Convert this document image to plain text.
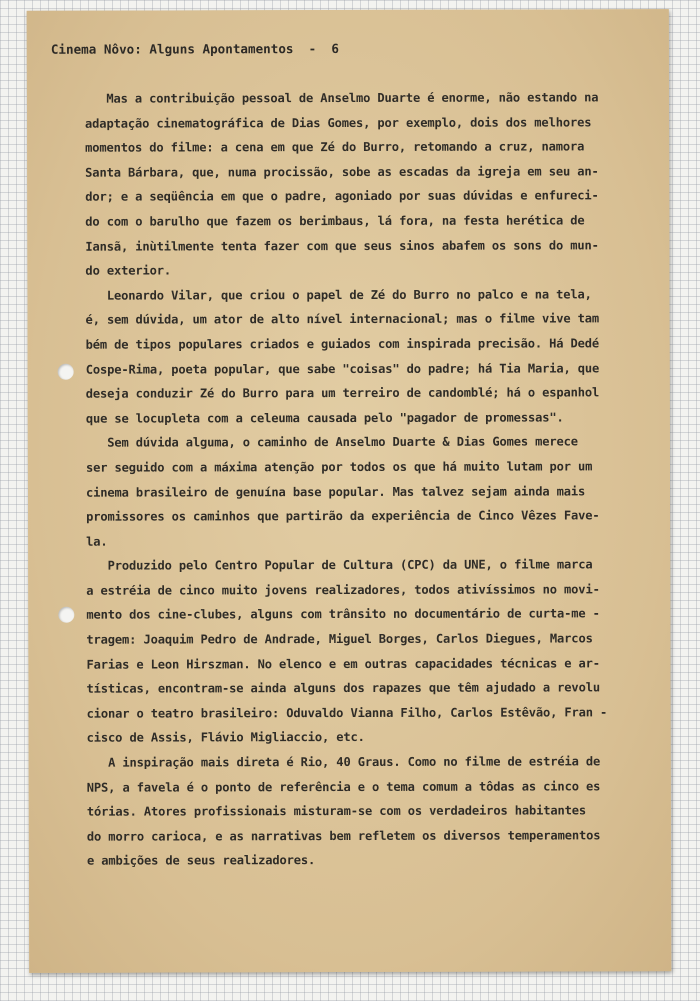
Cinema Nôvo: Alguns Apontamentos  -  6
Mas a contribuição pessoal de Anselmo Duarte é enorme, não estando na
adaptação cinematográfica de Dias Gomes, por exemplo, dois dos melhores
momentos do filme: a cena em que Zé do Burro, retomando a cruz, namora
Santa Bárbara, que, numa procissão, sobe as escadas da igreja em seu an-
dor; e a seqüência em que o padre, agoniado por suas dúvidas e enfureci-
do com o barulho que fazem os berimbaus, lá fora, na festa herética de
Iansã, inùtilmente tenta fazer com que seus sinos abafem os sons do mun-
do exterior.
Leonardo Vilar, que criou o papel de Zé do Burro no palco e na tela,
é, sem dúvida, um ator de alto nível internacional; mas o filme vive tam
bém de tipos populares criados e guiados com inspirada precisão. Há Dedé
Cospe-Rima, poeta popular, que sabe "coisas" do padre; há Tia Maria, que
deseja conduzir Zé do Burro para um terreiro de candomblé; há o espanhol
que se locupleta com a celeuma causada pelo "pagador de promessas".
Sem dúvida alguma, o caminho de Anselmo Duarte & Dias Gomes merece
ser seguido com a máxima atenção por todos os que há muito lutam por um
cinema brasileiro de genuína base popular. Mas talvez sejam ainda mais
promissores os caminhos que partirão da experiência de Cinco Vêzes Fave-
la.
Produzido pelo Centro Popular de Cultura (CPC) da UNE, o filme marca
a estréia de cinco muito jovens realizadores, todos ativíssimos no movi-
mento dos cine-clubes, alguns com trânsito no documentário de curta-me -
tragem: Joaquim Pedro de Andrade, Miguel Borges, Carlos Diegues, Marcos
Farias e Leon Hirszman. No elenco e em outras capacidades técnicas e ar-
tísticas, encontram-se ainda alguns dos rapazes que têm ajudado a revolu
cionar o teatro brasileiro: Oduvaldo Vianna Filho, Carlos Estêvão, Fran -
cisco de Assis, Flávio Migliaccio, etc.
A inspiração mais direta é Rio, 40 Graus. Como no filme de estréia de
NPS, a favela é o ponto de referência e o tema comum a tôdas as cinco es
tórias. Atores profissionais misturam-se com os verdadeiros habitantes
do morro carioca, e as narrativas bem refletem os diversos temperamentos
e ambições de seus realizadores.
